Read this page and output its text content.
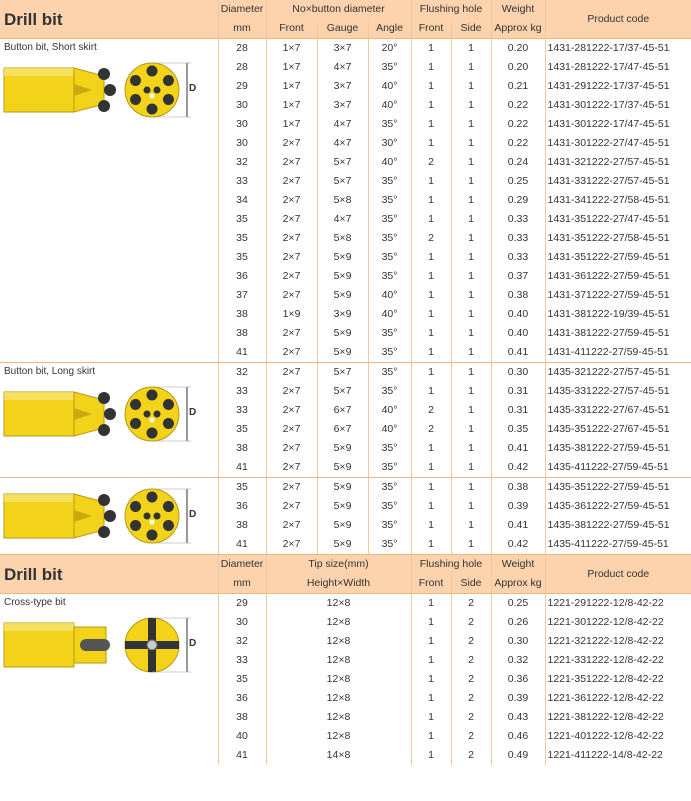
Drill bit	Diameter	No×button diameter			Flushing hole		Weight	Product code
	mm	Front	Gauge	Angle	Front	Side	Approx kg	

Button bit, Short skirt
D	28	1×7	3×7	20°	1	1	0.20	1431-281222-17/37-45-51
	28	1×7	4×7	35°	1	1	0.20	1431-281222-17/47-45-51
	29	1×7	3×7	40°	1	1	0.21	1431-291222-17/37-45-51
	30	1×7	3×7	40°	1	1	0.22	1431-301222-17/37-45-51
	30	1×7	4×7	35°	1	1	0.22	1431-301222-17/47-45-51
	30	2×7	4×7	30°	1	1	0.22	1431-301222-27/47-45-51
	32	2×7	5×7	40°	2	1	0.24	1431-321222-27/57-45-51
	33	2×7	5×7	35°	1	1	0.25	1431-331222-27/57-45-51
	34	2×7	5×8	35°	1	1	0.29	1431-341222-27/58-45-51
	35	2×7	4×7	35°	1	1	0.33	1431-351222-27/47-45-51
	35	2×7	5×8	35°	2	1	0.33	1431-351222-27/58-45-51
	35	2×7	5×9	35°	1	1	0.33	1431-351222-27/59-45-51
	36	2×7	5×9	35°	1	1	0.37	1431-361222-27/59-45-51
	37	2×7	5×9	40°	1	1	0.38	1431-371222-27/59-45-51
	38	1×9	3×9	40°	1	1	0.40	1431-381222-19/39-45-51
	38	2×7	5×9	35°	1	1	0.40	1431-381222-27/59-45-51
	41	2×7	5×9	35°	1	1	0.41	1431-411222-27/59-45-51

Button bit, Long skirt
D	32	2×7	5×7	35°	1	1	0.30	1435-321222-27/57-45-51
	33	2×7	5×7	35°	1	1	0.31	1435-331222-27/57-45-51
	33	2×7	6×7	40°	2	1	0.31	1435-331222-27/67-45-51
	35	2×7	6×7	40°	2	1	0.35	1435-351222-27/67-45-51
	38	2×7	5×9	35°	1	1	0.41	1435-381222-27/59-45-51
	41	2×7	5×9	35°	1	1	0.42	1435-411222-27/59-45-51

D	35	2×7	5×9	35°	1	1	0.38	1435-351222-27/59-45-51
	36	2×7	5×9	35°	1	1	0.39	1435-361222-27/59-45-51
	38	2×7	5×9	35°	1	1	0.41	1435-381222-27/59-45-51
	41	2×7	5×9	35°	1	1	0.42	1435-411222-27/59-45-51
Drill bit	Diameter	Tip size(mm)	Flushing hole		Weight	Product code
	mm	Height×Width	Front	Side	Approx kg	

Cross-type bit
D	29	12×8	1	2	0.25	1221-291222-12/8-42-22
	30	12×8	1	2	0.26	1221-301222-12/8-42-22
	32	12×8	1	2	0.30	1221-321222-12/8-42-22
	33	12×8	1	2	0.32	1221-331222-12/8-42-22
	35	12×8	1	2	0.36	1221-351222-12/8-42-22
	36	12×8	1	2	0.39	1221-361222-12/8-42-22
	38	12×8	1	2	0.43	1221-381222-12/8-42-22
	40	12×8	1	2	0.46	1221-401222-12/8-42-22
	41	14×8	1	2	0.49	1221-411222-14/8-42-22
